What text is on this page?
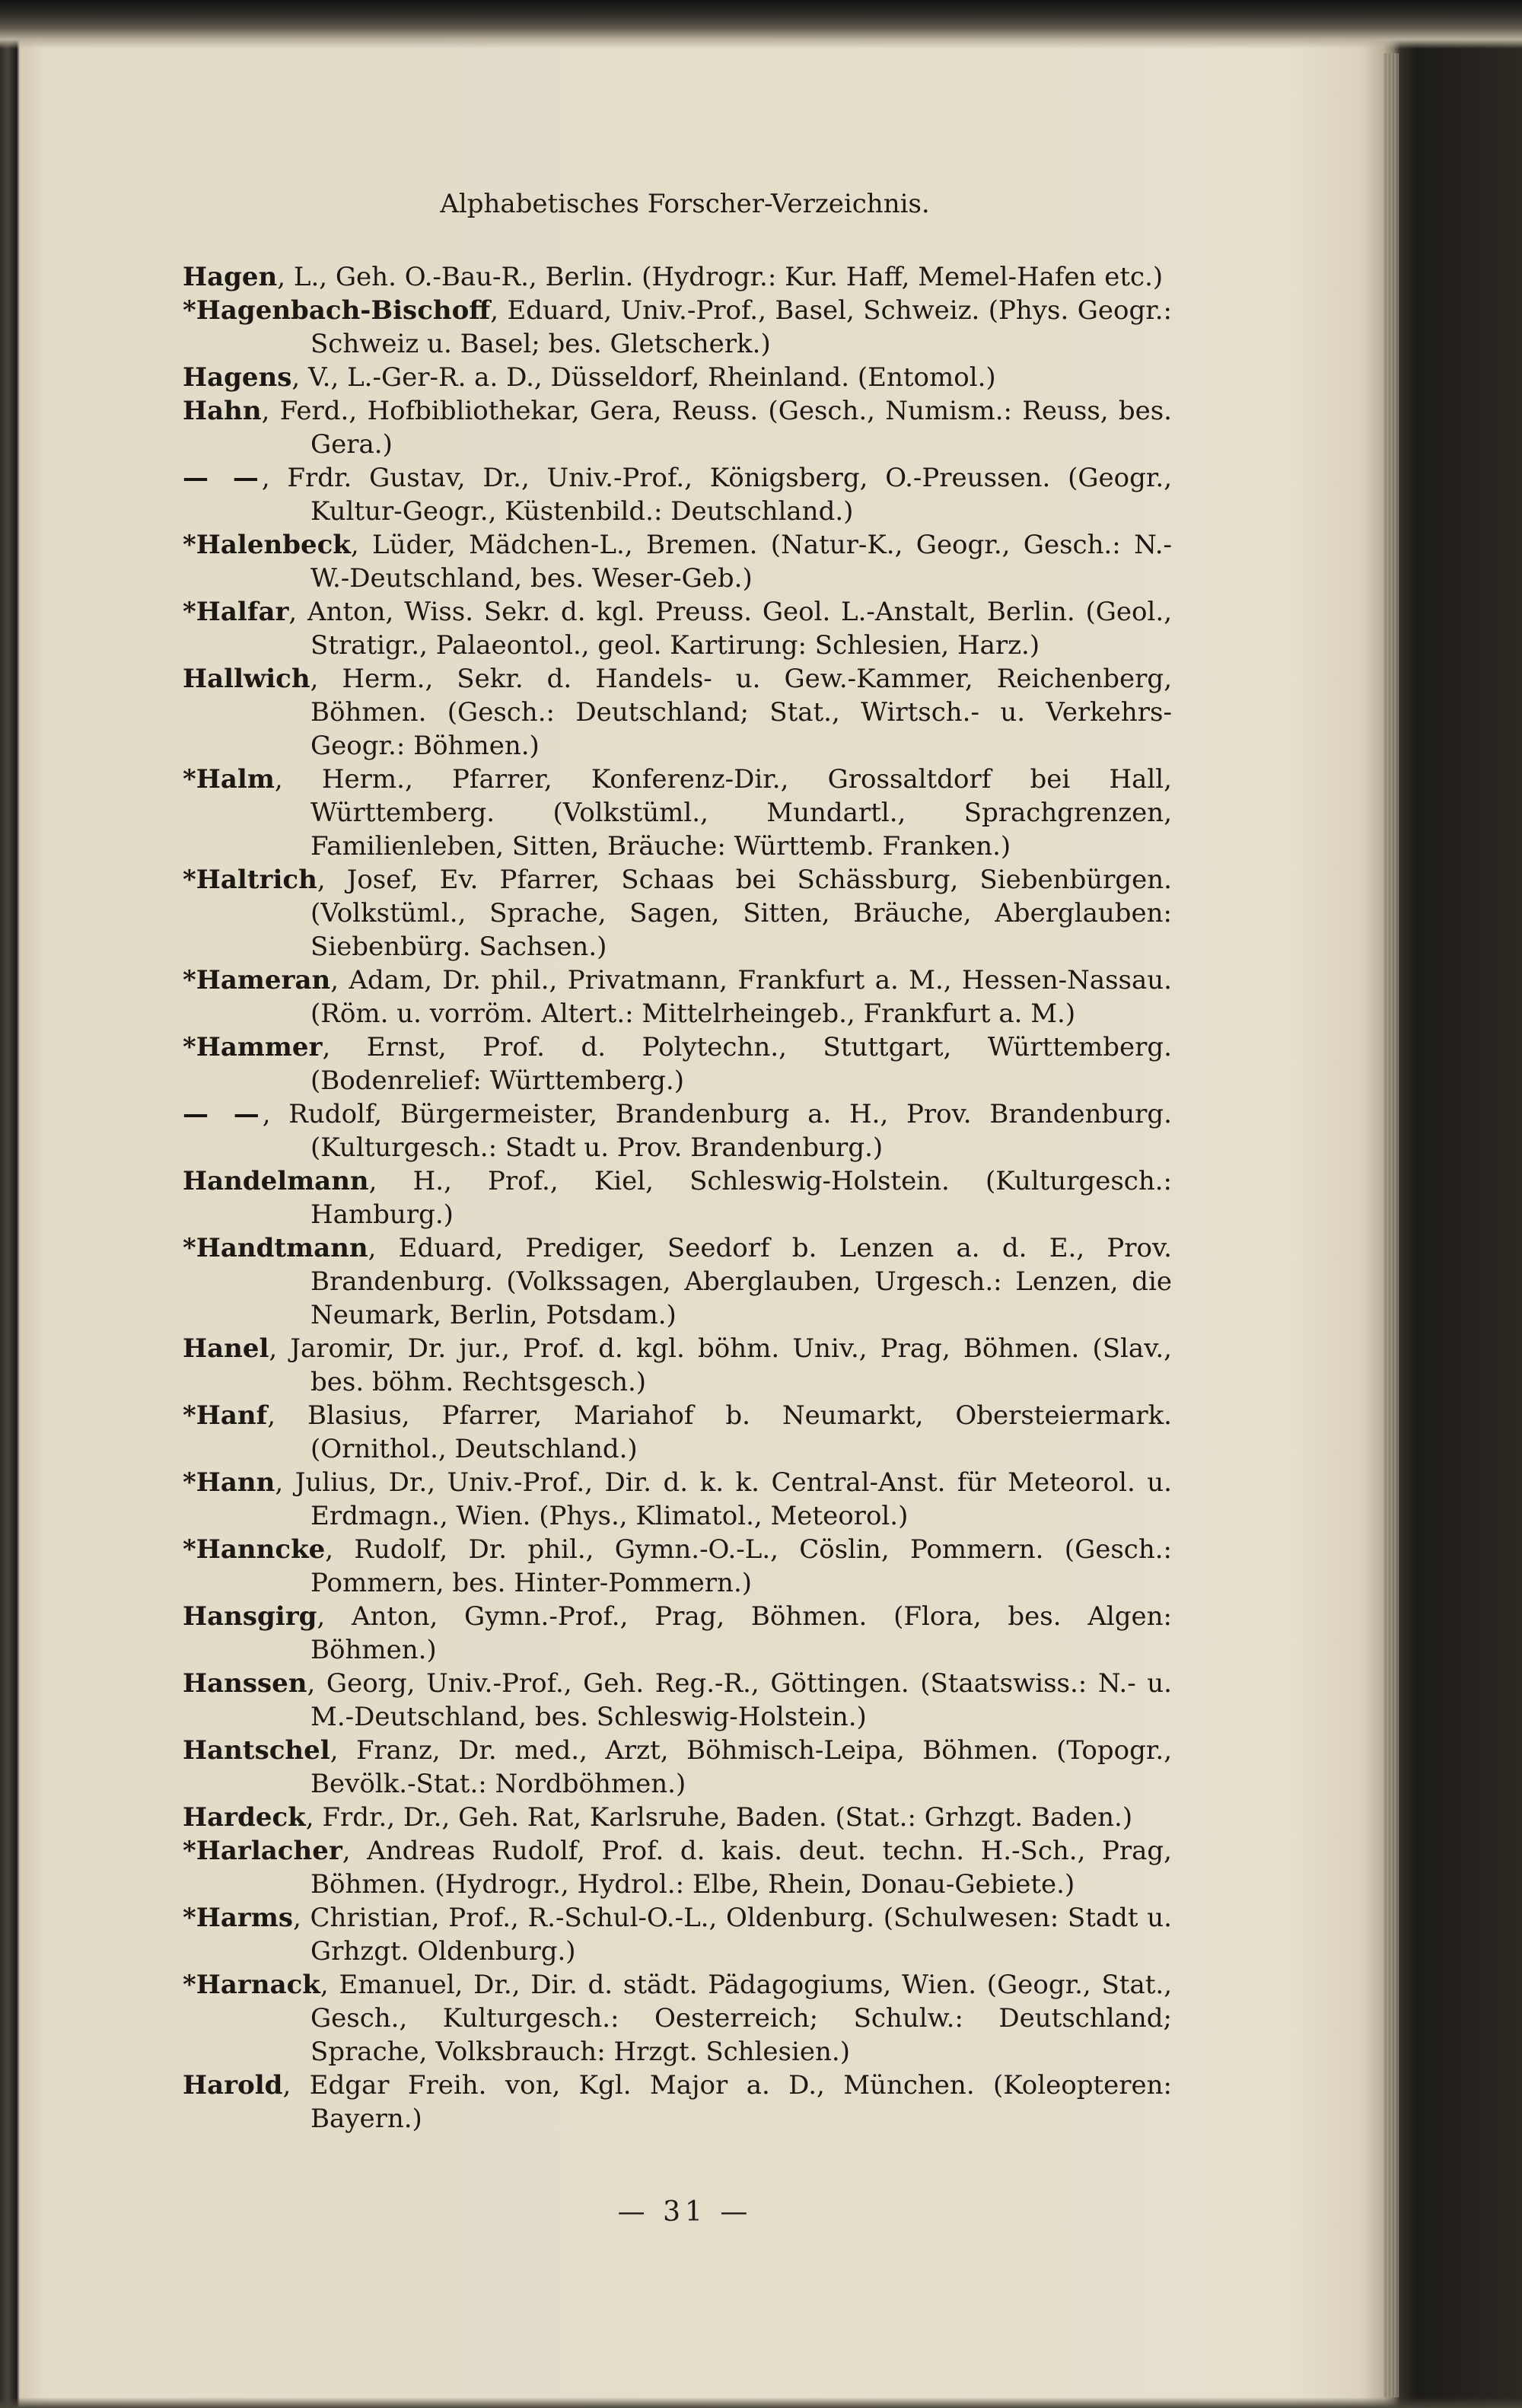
Alphabetisches Forscher-Verzeichnis.

Hagen, L., Geh. O.-Bau-R., Berlin. (Hydrogr.: Kur. Haff, Memel-Hafen etc.)

*Hagenbach-Bischoff, Eduard, Univ.-Prof., Basel, Schweiz. (Phys. Geogr.: Schweiz u. Basel; bes. Gletscherk.)

Hagens, V., L.-Ger-R. a. D., Düsseldorf, Rheinland. (Entomol.)

Hahn, Ferd., Hofbibliothekar, Gera, Reuss. (Gesch., Numism.: Reuss, bes. Gera.)

— —, Frdr. Gustav, Dr., Univ.-Prof., Königsberg, O.-Preussen. (Geogr., Kultur-Geogr., Küstenbild.: Deutschland.)

*Halenbeck, Lüder, Mädchen-L., Bremen. (Natur-K., Geogr., Gesch.: N.-W.-Deutschland, bes. Weser-Geb.)

*Halfar, Anton, Wiss. Sekr. d. kgl. Preuss. Geol. L.-Anstalt, Berlin. (Geol., Stratigr., Palaeontol., geol. Kartirung: Schlesien, Harz.)

Hallwich, Herm., Sekr. d. Handels- u. Gew.-Kammer, Reichenberg, Böhmen. (Gesch.: Deutschland; Stat., Wirtsch.- u. Verkehrs-Geogr.: Böhmen.)

*Halm, Herm., Pfarrer, Konferenz-Dir., Grossaltdorf bei Hall, Württemberg. (Volkstüml., Mundartl., Sprachgrenzen, Familienleben, Sitten, Bräuche: Württemb. Franken.)

*Haltrich, Josef, Ev. Pfarrer, Schaas bei Schässburg, Siebenbürgen. (Volkstüml., Sprache, Sagen, Sitten, Bräuche, Aberglauben: Siebenbürg. Sachsen.)

*Hameran, Adam, Dr. phil., Privatmann, Frankfurt a. M., Hessen-Nassau. (Röm. u. vorröm. Altert.: Mittelrheingeb., Frankfurt a. M.)

*Hammer, Ernst, Prof. d. Polytechn., Stuttgart, Württemberg. (Bodenrelief: Württemberg.)

— —, Rudolf, Bürgermeister, Brandenburg a. H., Prov. Brandenburg. (Kulturgesch.: Stadt u. Prov. Brandenburg.)

Handelmann, H., Prof., Kiel, Schleswig-Holstein. (Kulturgesch.: Hamburg.)

*Handtmann, Eduard, Prediger, Seedorf b. Lenzen a. d. E., Prov. Brandenburg. (Volkssagen, Aberglauben, Urgesch.: Lenzen, die Neumark, Berlin, Potsdam.)

Hanel, Jaromir, Dr. jur., Prof. d. kgl. böhm. Univ., Prag, Böhmen. (Slav., bes. böhm. Rechtsgesch.)

*Hanf, Blasius, Pfarrer, Mariahof b. Neumarkt, Obersteiermark. (Ornithol., Deutschland.)

*Hann, Julius, Dr., Univ.-Prof., Dir. d. k. k. Central-Anst. für Meteorol. u. Erdmagn., Wien. (Phys., Klimatol., Meteorol.)

*Hanncke, Rudolf, Dr. phil., Gymn.-O.-L., Cöslin, Pommern. (Gesch.: Pommern, bes. Hinter-Pommern.)

Hansgirg, Anton, Gymn.-Prof., Prag, Böhmen. (Flora, bes. Algen: Böhmen.)

Hanssen, Georg, Univ.-Prof., Geh. Reg.-R., Göttingen. (Staatswiss.: N.- u. M.-Deutschland, bes. Schleswig-Holstein.)

Hantschel, Franz, Dr. med., Arzt, Böhmisch-Leipa, Böhmen. (Topogr., Bevölk.-Stat.: Nordböhmen.)

Hardeck, Frdr., Dr., Geh. Rat, Karlsruhe, Baden. (Stat.: Grhzgt. Baden.)

*Harlacher, Andreas Rudolf, Prof. d. kais. deut. techn. H.-Sch., Prag, Böhmen. (Hydrogr., Hydrol.: Elbe, Rhein, Donau-Gebiete.)

*Harms, Christian, Prof., R.-Schul-O.-L., Oldenburg. (Schulwesen: Stadt u. Grhzgt. Oldenburg.)

*Harnack, Emanuel, Dr., Dir. d. städt. Pädagogiums, Wien. (Geogr., Stat., Gesch., Kulturgesch.: Oesterreich; Schulw.: Deutschland; Sprache, Volksbrauch: Hrzgt. Schlesien.)

Harold, Edgar Freih. von, Kgl. Major a. D., München. (Koleopteren: Bayern.)

— 31 —
